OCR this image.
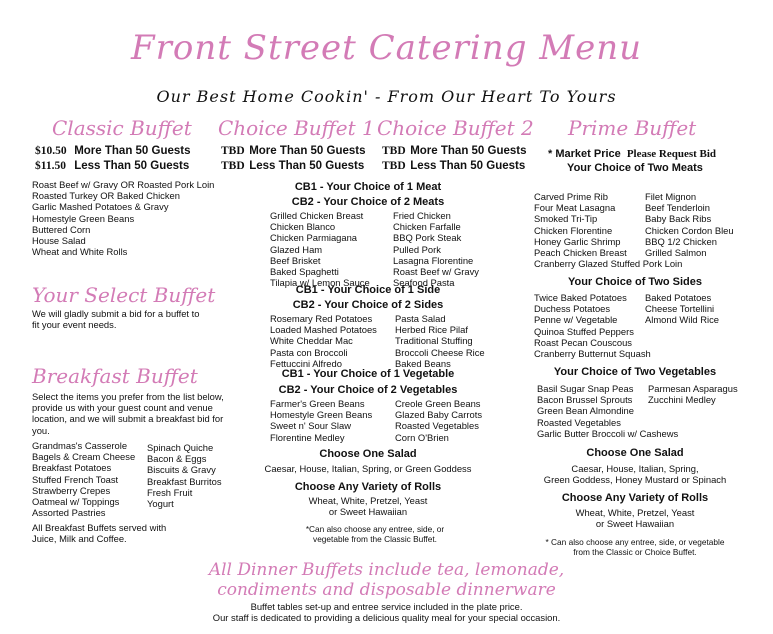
Front Street Catering Menu
Our Best Home Cookin' - From Our Heart To Yours
Classic Buffet
$10.50 More Than 50 Guests
$11.50 Less Than 50 Guests
Roast Beef w/ Gravy OR Roasted Pork Loin
Roasted Turkey OR Baked Chicken
Garlic Mashed Potatoes & Gravy
Homestyle Green Beans
Buttered Corn
House Salad
Wheat and White Rolls
Your Select Buffet
We will gladly submit a bid for a buffet to fit your event needs.
Breakfast Buffet
Select the items you prefer from the list below, provide us with your guest count and venue location, and we will submit a breakfast bid for you.
Grandmas's Casserole
Bagels & Cream Cheese
Breakfast Potatoes
Stuffed French Toast
Strawberry Crepes
Oatmeal w/ Toppings
Assorted Pastries
Spinach Quiche
Bacon & Eggs
Biscuits & Gravy
Breakfast Burritos
Fresh Fruit
Yogurt
All Breakfast Buffets served with Juice, Milk and Coffee.
Choice Buffet 1
TBD More Than 50 Guests
TBD Less Than 50 Guests
Choice Buffet 2
TBD More Than 50 Guests
TBD Less Than 50 Guests
CB1 - Your Choice of 1 Meat
CB2 - Your Choice of 2 Meats
Grilled Chicken Breast
Chicken Blanco
Chicken Parmiagana
Glazed Ham
Beef Brisket
Baked Spaghetti
Tilapia w/ Lemon Sauce
Fried Chicken
Chicken Farfalle
BBQ Pork Steak
Pulled Pork
Lasagna Florentine
Roast Beef w/ Gravy
Seafood Pasta
CB1 - Your Choice of 1 Side
CB2 - Your Choice of 2 Sides
Rosemary Red Potatoes
Loaded Mashed Potatoes
White Cheddar Mac
Pasta con Broccoli
Fettuccini Alfredo
Pasta Salad
Herbed Rice Pilaf
Traditional Stuffing
Broccoli Cheese Rice
Baked Beans
CB1 - Your Choice of 1 Vegetable
CB2 - Your Choice of 2 Vegetables
Farmer's Green Beans
Homestyle Green Beans
Sweet n' Sour Slaw
Florentine Medley
Creole Green Beans
Glazed Baby Carrots
Roasted Vegetables
Corn O'Brien
Choose One Salad
Caesar, House, Italian, Spring, or Green Goddess
Choose Any Variety of Rolls
Wheat, White, Pretzel, Yeast
or Sweet Hawaiian
*Can also choose any entree, side, or vegetable from the Classic Buffet.
Prime Buffet
* Market Price Please Request Bid
Your Choice of Two Meats
Carved Prime Rib
Four Meat Lasagna
Smoked Tri-Tip
Chicken Florentine
Honey Garlic Shrimp
Peach Chicken Breast
Cranberry Glazed Stuffed Pork Loin
Filet Mignon
Beef Tenderloin
Baby Back Ribs
Chicken Cordon Bleu
BBQ 1/2 Chicken
Grilled Salmon
Your Choice of Two Sides
Twice Baked Potatoes
Duchess Potatoes
Penne w/ Vegetable
Quinoa Stuffed Peppers
Roast Pecan Couscous
Cranberry Butternut Squash
Baked Potatoes
Cheese Tortellini
Almond Wild Rice
Your Choice of Two Vegetables
Basil Sugar Snap Peas
Bacon Brussel Sprouts
Green Bean Almondine
Roasted Vegetables
Garlic Butter Broccoli w/ Cashews
Parmesan Asparagus
Zucchini Medley
Choose One Salad
Caesar, House, Italian, Spring,
Green Goddess, Honey Mustard or Spinach
Choose Any Variety of Rolls
Wheat, White, Pretzel, Yeast
or Sweet Hawaiian
* Can also choose any entree, side, or vegetable from the Classic or Choice Buffet.
All Dinner Buffets include tea, lemonade,
condiments and disposable dinnerware
Buffet tables set-up and entree service included in the plate price.
Our staff is dedicated to providing a delicious quality meal for your special occasion.
